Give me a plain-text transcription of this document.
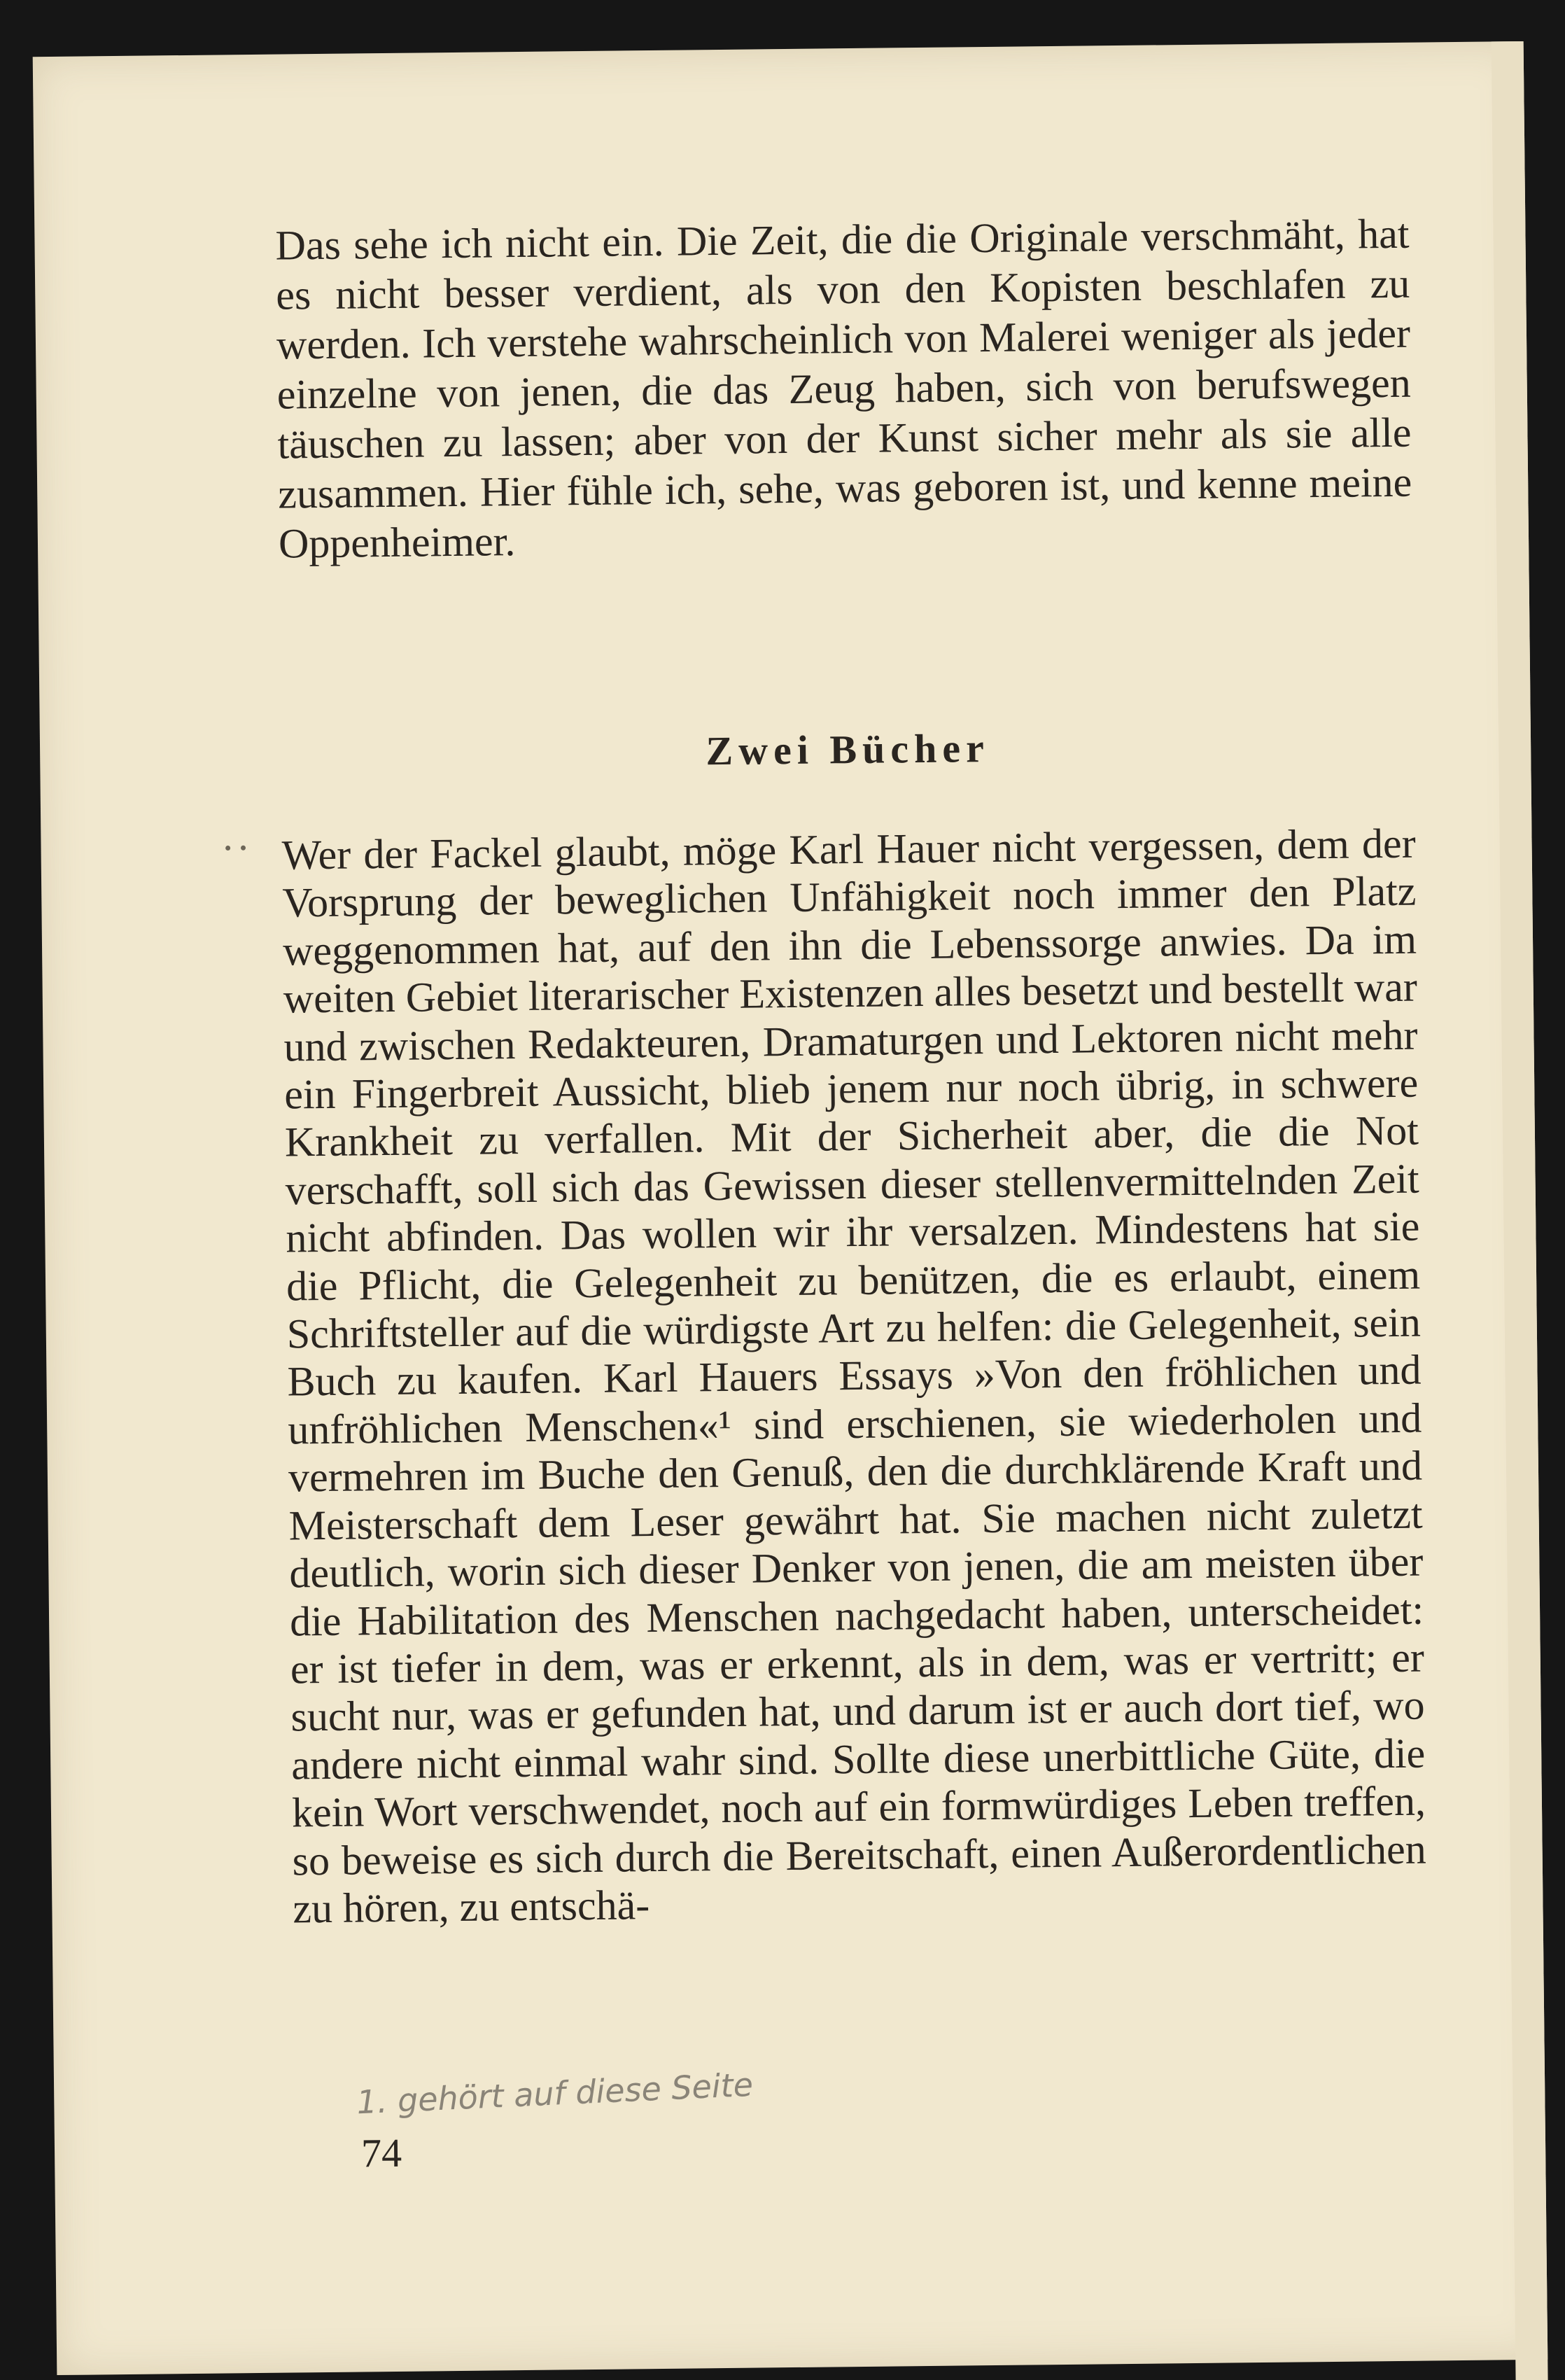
Das sehe ich nicht ein. Die Zeit, die die Originale verschmäht, hat es nicht besser verdient, als von den Kopisten beschlafen zu werden. Ich verstehe wahrscheinlich von Malerei weniger als jeder einzelne von jenen, die das Zeug haben, sich von berufswegen täuschen zu lassen; aber von der Kunst sicher mehr als sie alle zusammen. Hier fühle ich, sehe, was geboren ist, und kenne meine Oppenheimer.

Zwei Bücher
• • Wer der Fackel glaubt, möge Karl Hauer nicht vergessen, dem der Vorsprung der beweglichen Unfähigkeit noch immer den Platz weggenommen hat, auf den ihn die Lebenssorge anwies. Da im weiten Gebiet literarischer Existenzen alles besetzt und bestellt war und zwischen Redakteuren, Dramaturgen und Lektoren nicht mehr ein Fingerbreit Aussicht, blieb jenem nur noch übrig, in schwere Krankheit zu verfallen. Mit der Sicherheit aber, die die Not verschafft, soll sich das Gewissen dieser stellenvermittelnden Zeit nicht abfinden. Das wollen wir ihr versalzen. Mindestens hat sie die Pflicht, die Gelegenheit zu benützen, die es erlaubt, einem Schriftsteller auf die würdigste Art zu helfen: die Gelegenheit, sein Buch zu kaufen. Karl Hauers Essays »Von den fröhlichen und unfröhlichen Menschen«¹ sind erschienen, sie wiederholen und vermehren im Buche den Genuß, den die durchklärende Kraft und Meisterschaft dem Leser gewährt hat. Sie machen nicht zuletzt deutlich, worin sich dieser Denker von jenen, die am meisten über die Habilitation des Menschen nachgedacht haben, unterscheidet: er ist tiefer in dem, was er erkennt, als in dem, was er vertritt; er sucht nur, was er gefunden hat, und darum ist er auch dort tief, wo andere nicht einmal wahr sind. Sollte diese unerbittliche Güte, die kein Wort verschwendet, noch auf ein formwürdiges Leben treffen, so beweise es sich durch die Bereitschaft, einen Außerordentlichen zu hören, zu entschä-

1. gehört auf diese Seite

74
